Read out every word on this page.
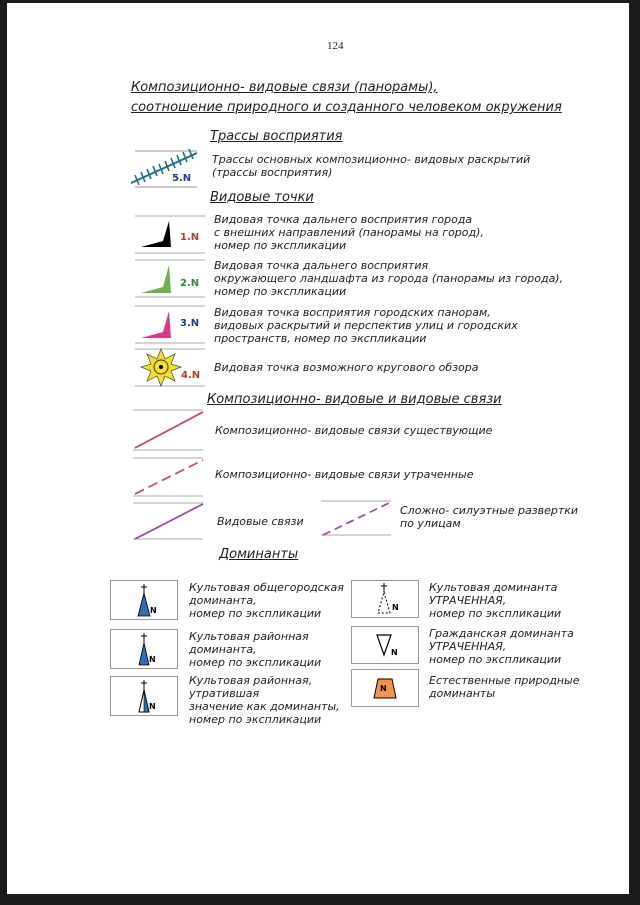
124
Композиционно- видовые связи (панорамы),
соотношение природного и созданного человеком окружения
Трассы восприятия
5.N
Трассы основных композиционно- видовых раскрытий
(трассы восприятия)
Видовые точки
1.N
Видовая точка дальнего восприятия города
с внешних направлений (панорамы на город),
номер по экспликации
2.N
Видовая точка дальнего восприятия
окружающего ландшафта из города (панорамы из города),
номер по экспликации
3.N
Видовая точка восприятия городских панорам,
видовых раскрытий и перспектив улиц и городских
пространств, номер по экспликации
4.N
Видовая точка возможного кругового обзора
Композиционно- видовые и видовые связи
Композиционно- видовые связи существующие
Композиционно- видовые связи утраченные
Видовые связи
Сложно- силуэтные развертки
по улицам
Доминанты
N
Культовая общегородская
доминанта,
номер по экспликации
N
Культовая районная
доминанта,
номер по экспликации
N
Культовая районная,
утратившая
значение как доминанты,
номер по экспликации
N
Культовая доминанта
УТРАЧЕННАЯ,
номер по экспликации
N
Гражданская доминанта
УТРАЧЕННАЯ,
номер по экспликации
N
Естественные природные
доминанты
